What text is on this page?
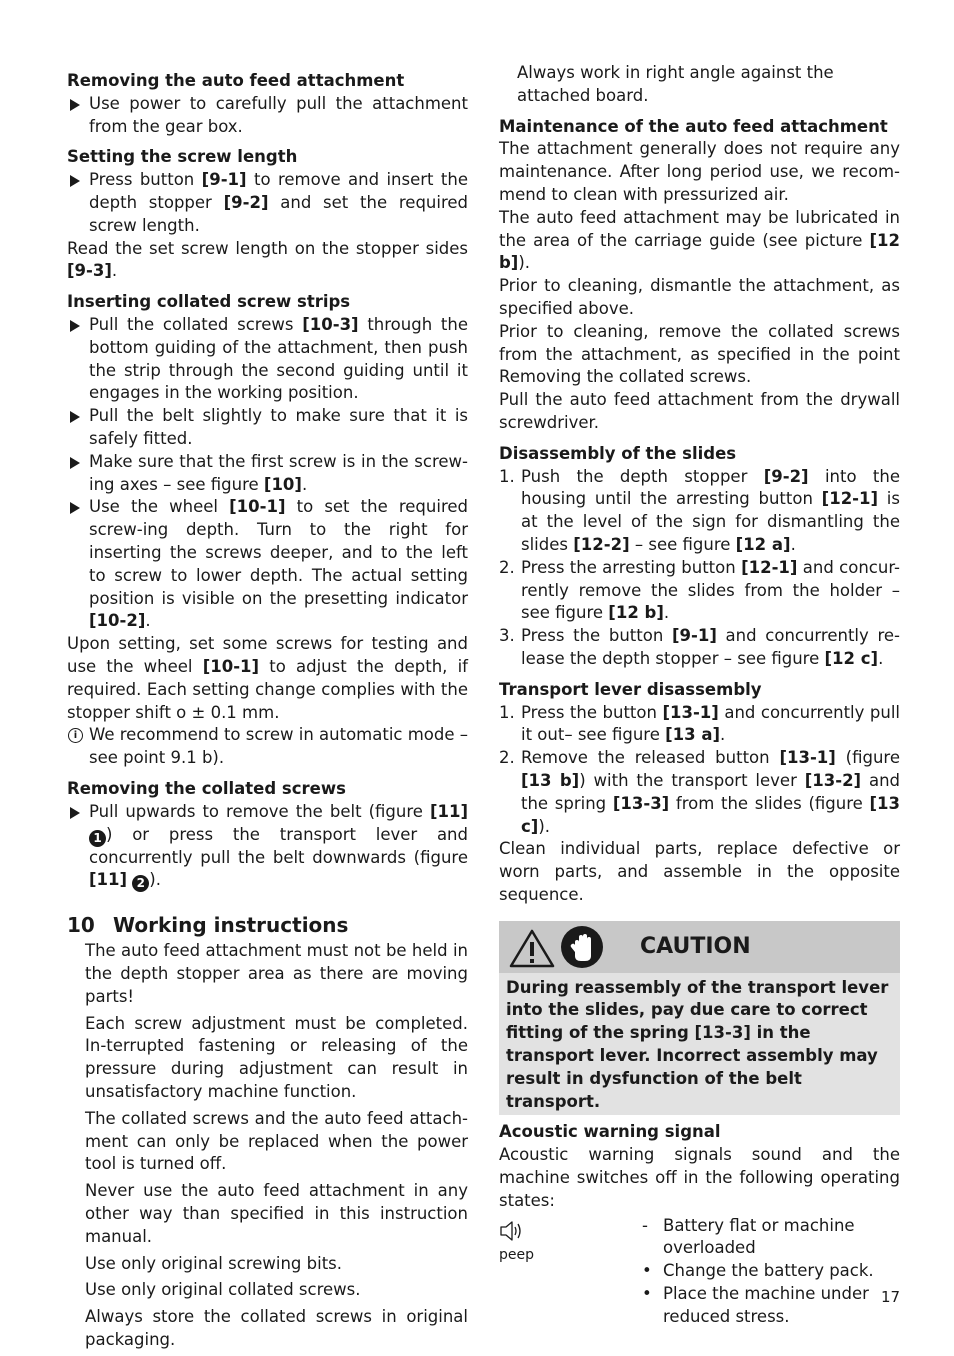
Removing the auto feed attachment
Use power to carefully pull the attachment from the gear box.
Setting the screw length
Press button [9-1] to remove and insert the depth stopper [9-2] and set the required screw length.

Read the set screw length on the stopper sides [9-3].

Inserting collated screw strips
Pull the collated screws [10-3] through the bottom guiding of the attachment, then push the strip through the second guiding until it engages in the working position.
Pull the belt slightly to make sure that it is safely fitted.
Make sure that the first screw is in the screw-ing axes – see figure [10].
Use the wheel [10-1] to set the required screw-ing depth. Turn to the right for inserting the screws deeper, and to the left to screw to lower depth. The actual setting position is visible on the presetting indicator [10-2].

Upon setting, set some screws for testing and use the wheel [10-1] to adjust the depth, if required. Each setting change complies with the stopper shift o ± 0.1 mm.

i We recommend to screw in automatic mode – see point 9.1 b).

Removing the collated screws
Pull upwards to remove the belt (figure [11] 1 ) or press the transport lever and concurrently pull the belt downwards (figure [11] 2 ).
10 Working instructions

The auto feed attachment must not be held in the depth stopper area as there are moving parts!

Each screw adjustment must be completed. In-terrupted fastening or releasing of the pressure during adjustment can result in unsatisfactory machine function.

The collated screws and the auto feed attach-ment can only be replaced when the power tool is turned off.

Never use the auto feed attachment in any other way than specified in this instruction manual.

Use only original screwing bits.

Use only original collated screws.

Always store the collated screws in original packaging.

Always work in right angle against the attached board.

Maintenance of the auto feed attachment

The attachment generally does not require any maintenance. After long period use, we recom-mend to clean with pressurized air.

The auto feed attachment may be lubricated in the area of the carriage guide (see picture [12 b]).

Prior to cleaning, dismantle the attachment, as specified above.

Prior to cleaning, remove the collated screws from the attachment, as specified in the point Removing the collated screws.

Pull the auto feed attachment from the drywall screwdriver.

Disassembly of the slides
1. Push the depth stopper [9-2] into the housing until the arresting button [12-1] is at the level of the sign for dismantling the slides [12-2] – see figure [12 a].
2. Press the arresting button [12-1] and concur-rently remove the slides from the holder – see figure [12 b].
3. Press the button [9-1] and concurrently re-lease the depth stopper – see figure [12 c].
Transport lever disassembly
1. Press the button [13-1] and concurrently pull it out– see figure [13 a].
2. Remove the released button [13-1] (figure [13 b]) with the transport lever [13-2] and the spring [13-3] from the slides (figure [13 c]).

Clean individual parts, replace defective or worn parts, and assemble in the opposite sequence.

CAUTION
During reassembly of the transport lever into the slides, pay due care to correct fitting of the spring [13-3] in the transport lever. Incorrect assembly may result in dysfunction of the belt transport.
Acoustic warning signal

Acoustic warning signals sound and the machine switches off in the following operating states:

peep
- Battery flat or machine overloaded
• Change the battery pack.
• Place the machine under reduced stress.
17
